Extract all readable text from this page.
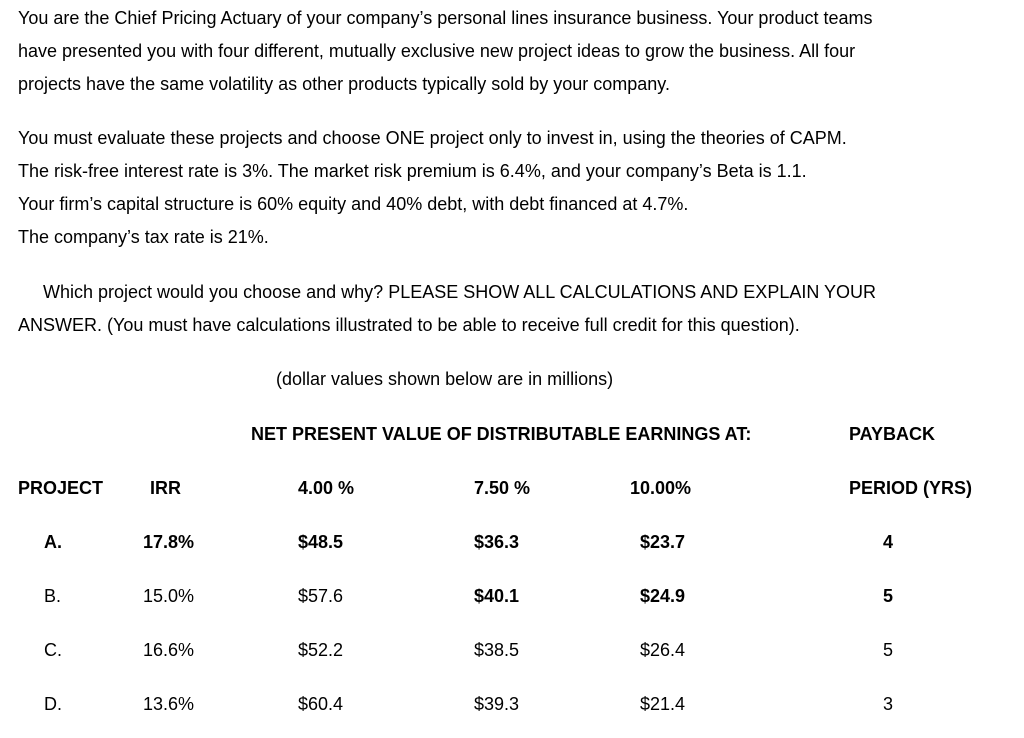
You are the Chief Pricing Actuary of your company’s personal lines insurance business. Your product teams
have presented you with four different, mutually exclusive new project ideas to grow the business. All four
projects have the same volatility as other products typically sold by your company.
You must evaluate these projects and choose ONE project only to invest in, using the theories of CAPM.
The risk-free interest rate is 3%. The market risk premium is 6.4%, and your company’s Beta is 1.1.
Your firm’s capital structure is 60% equity and 40% debt, with debt financed at 4.7%.
The company’s tax rate is 21%.
Which project would you choose and why? PLEASE SHOW ALL CALCULATIONS AND EXPLAIN YOUR
ANSWER. (You must have calculations illustrated to be able to receive full credit for this question).
(dollar values shown below are in millions)
NET PRESENT VALUE OF DISTRIBUTABLE EARNINGS AT:	PAYBACK
PROJECT	IRR	4.00 %	7.50 %	10.00%	PERIOD (YRS)
A.	17.8%	$48.5	$36.3	$23.7	4
B.	15.0%	$57.6	$40.1	$24.9	5
C.	16.6%	$52.2	$38.5	$26.4	5
D.	13.6%	$60.4	$39.3	$21.4	3
